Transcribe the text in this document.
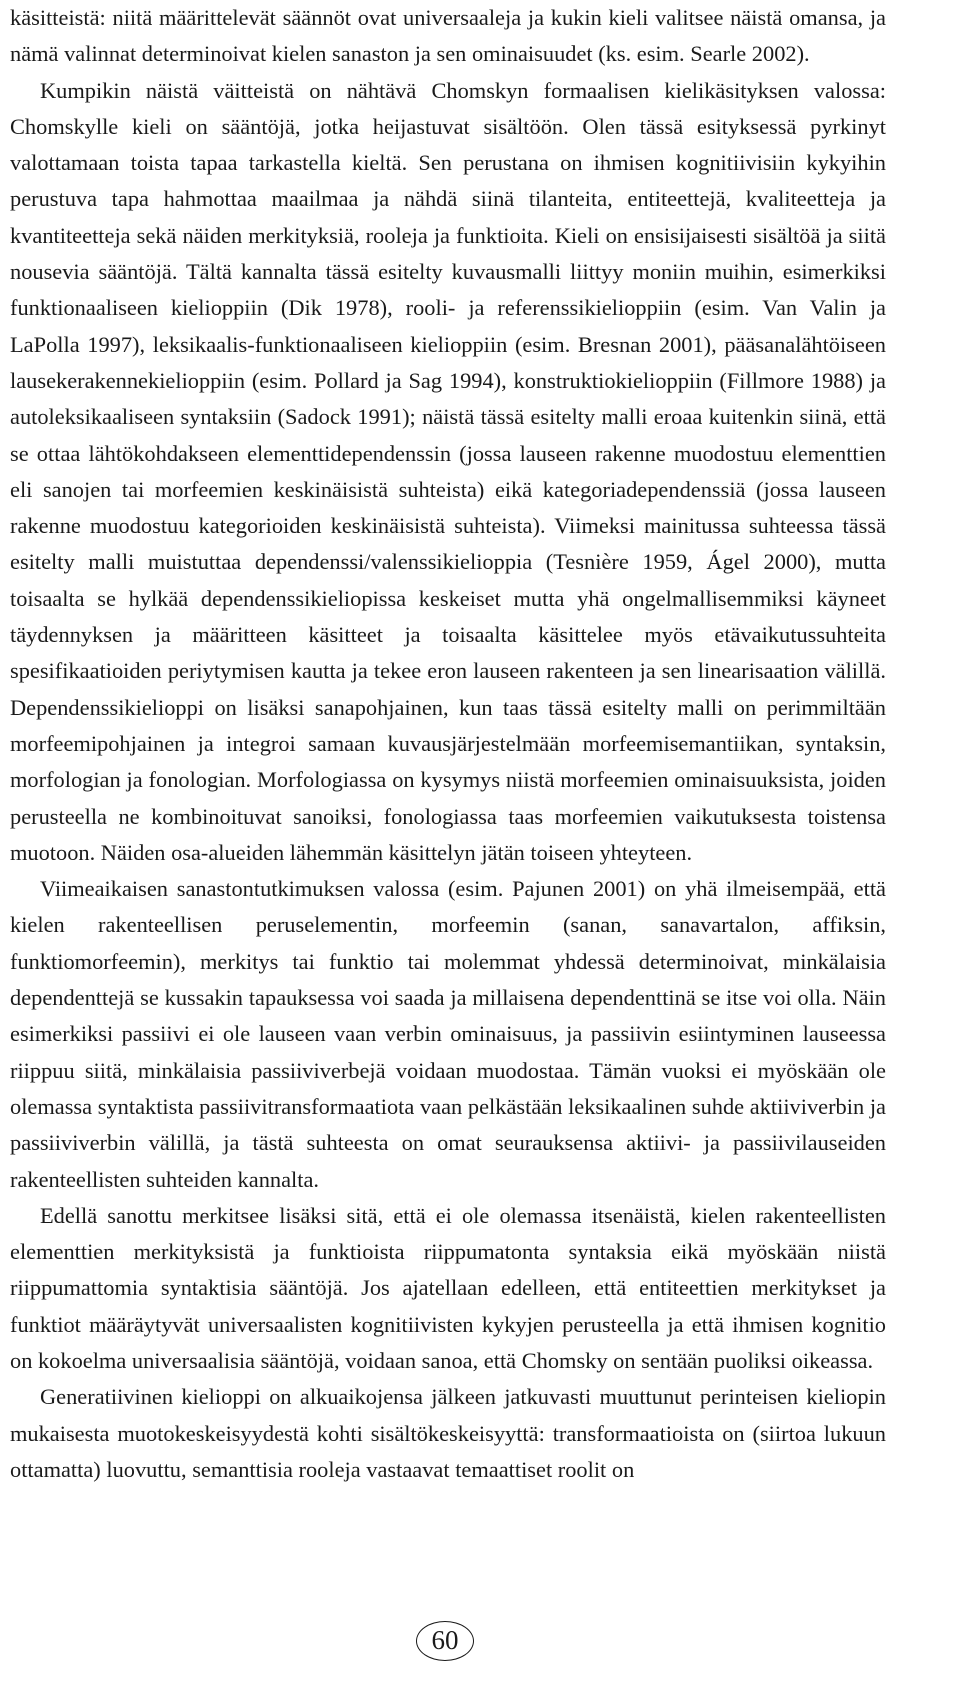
käsitteistä: niitä määrittelevät säännöt ovat universaaleja ja kukin kieli valitsee näistä omansa, ja nämä valinnat determinoivat kielen sanaston ja sen ominaisuudet (ks. esim. Searle 2002).

Kumpikin näistä väitteistä on nähtävä Chomskyn formaalisen kielikäsityksen valossa: Chomskylle kieli on sääntöjä, jotka heijastuvat sisältöön. Olen tässä esityksessä pyrkinyt valottamaan toista tapaa tarkastella kieltä. Sen perustana on ihmisen kognitiivisiin kykyihin perustuva tapa hahmottaa maailmaa ja nähdä siinä tilanteita, entiteettejä, kvaliteetteja ja kvantiteetteja sekä näiden merkityksiä, rooleja ja funktioita. Kieli on ensisijaisesti sisältöä ja siitä nousevia sääntöjä. Tältä kannalta tässä esitelty kuvausmalli liittyy moniin muihin, esimerkiksi funktionaaliseen kielioppiin (Dik 1978), rooli- ja referenssikielioppiin (esim. Van Valin ja LaPolla 1997), leksikaalis-funktionaaliseen kielioppiin (esim. Bresnan 2001), pääsanalähtöiseen lausekerakennekielioppiin (esim. Pollard ja Sag 1994), konstruktiokielioppiin (Fillmore 1988) ja autoleksikaaliseen syntaksiin (Sadock 1991); näistä tässä esitelty malli eroaa kuitenkin siinä, että se ottaa lähtökohdakseen elementtidependenssin (jossa lauseen rakenne muodostuu elementtien eli sanojen tai morfeemien keskinäisistä suhteista) eikä kategoriadependenssiä (jossa lauseen rakenne muodostuu kategorioiden keskinäisistä suhteista). Viimeksi mainitussa suhteessa tässä esitelty malli muistuttaa dependenssi/valenssikielioppia (Tesnière 1959, Ágel 2000), mutta toisaalta se hylkää dependenssikieliopissa keskeiset mutta yhä ongelmallisemmiksi käyneet täydennyksen ja määritteen käsitteet ja toisaalta käsittelee myös etävaikutussuhteita spesifikaatioiden periytymisen kautta ja tekee eron lauseen rakenteen ja sen linearisaation välillä. Dependenssikielioppi on lisäksi sanapohjainen, kun taas tässä esitelty malli on perimmiltään morfeemipohjainen ja integroi samaan kuvausjärjestelmään morfeemisemantiikan, syntaksin, morfologian ja fonologian. Morfologiassa on kysymys niistä morfeemien ominaisuuksista, joiden perusteella ne kombinoituvat sanoiksi, fonologiassa taas morfeemien vaikutuksesta toistensa muotoon. Näiden osa-alueiden lähemmän käsittelyn jätän toiseen yhteyteen.

Viimeaikaisen sanastontutkimuksen valossa (esim. Pajunen 2001) on yhä ilmeisempää, että kielen rakenteellisen peruselementin, morfeemin (sanan, sanavartalon, affiksin, funktiomorfeemin), merkitys tai funktio tai molemmat yhdessä determinoivat, minkälaisia dependenttejä se kussakin tapauksessa voi saada ja millaisena dependenttinä se itse voi olla. Näin esimerkiksi passiivi ei ole lauseen vaan verbin ominaisuus, ja passiivin esiintyminen lauseessa riippuu siitä, minkälaisia passiiviverbejä voidaan muodostaa. Tämän vuoksi ei myöskään ole olemassa syntaktista passiivitransformaatiota vaan pelkästään leksikaalinen suhde aktiiviverbin ja passiiviverbin välillä, ja tästä suhteesta on omat seurauksensa aktiivi- ja passiivilauseiden rakenteellisten suhteiden kannalta.

Edellä sanottu merkitsee lisäksi sitä, että ei ole olemassa itsenäistä, kielen rakenteellisten elementtien merkityksistä ja funktioista riippumatonta syntaksia eikä myöskään niistä riippumattomia syntaktisia sääntöjä. Jos ajatellaan edelleen, että entiteettien merkitykset ja funktiot määräytyvät universaalisten kognitiivisten kykyjen perusteella ja että ihmisen kognitio on kokoelma universaalisia sääntöjä, voidaan sanoa, että Chomsky on sentään puoliksi oikeassa.

Generatiivinen kielioppi on alkuaikojensa jälkeen jatkuvasti muuttunut perinteisen kieliopin mukaisesta muotokeskeisyydestä kohti sisältökeskeisyyttä: transformaatioista on (siirtoa lukuun ottamatta) luovuttu, semanttisia rooleja vastaavat temaattiset roolit on

60
